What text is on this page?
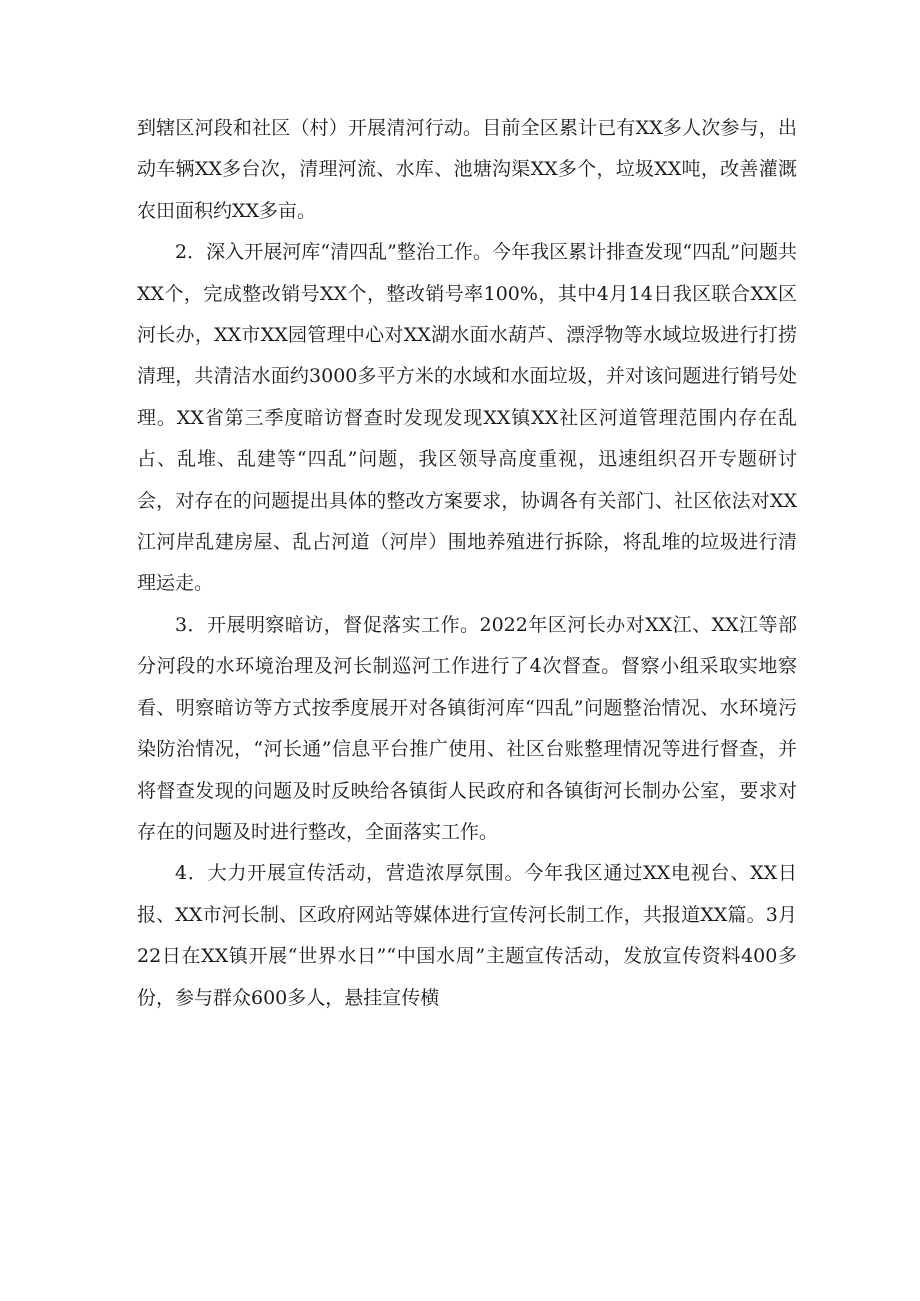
到辖区河段和社区（村）开展清河行动。目前全区累计已有XX多人次参与，出动车辆XX多台次，清理河流、水库、池塘沟渠XX多个，垃圾XX吨，改善灌溉农田面积约XX多亩。

2．深入开展河库“清四乱”整治工作。今年我区累计排查发现“四乱”问题共XX个，完成整改销号XX个，整改销号率100%，其中4月14日我区联合XX区河长办，XX市XX园管理中心对XX湖水面水葫芦、漂浮物等水域垃圾进行打捞清理，共清洁水面约3000多平方米的水域和水面垃圾，并对该问题进行销号处理。XX省第三季度暗访督查时发现发现XX镇XX社区河道管理范围内存在乱占、乱堆、乱建等“四乱”问题，我区领导高度重视，迅速组织召开专题研讨会，对存在的问题提出具体的整改方案要求，协调各有关部门、社区依法对XX江河岸乱建房屋、乱占河道（河岸）围地养殖进行拆除，将乱堆的垃圾进行清理运走。

3．开展明察暗访，督促落实工作。2022年区河长办对XX江、XX江等部分河段的水环境治理及河长制巡河工作进行了4次督查。督察小组采取实地察看、明察暗访等方式按季度展开对各镇街河库“四乱”问题整治情况、水环境污染防治情况，“河长通”信息平台推广使用、社区台账整理情况等进行督查，并将督查发现的问题及时反映给各镇街人民政府和各镇街河长制办公室，要求对存在的问题及时进行整改，全面落实工作。

4．大力开展宣传活动，营造浓厚氛围。今年我区通过XX电视台、XX日报、XX市河长制、区政府网站等媒体进行宣传河长制工作，共报道XX篇。3月22日在XX镇开展“世界水日”“中国水周”主题宣传活动，发放宣传资料400多份，参与群众600多人，悬挂宣传横
